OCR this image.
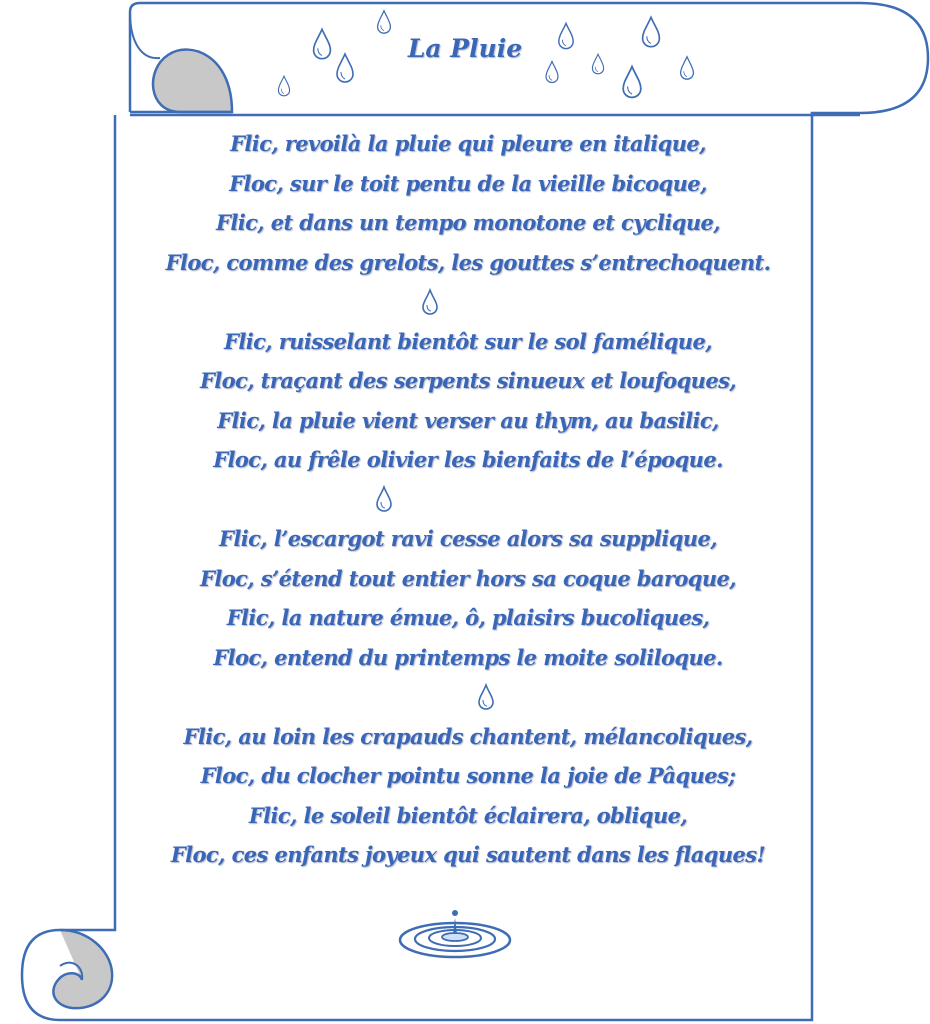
La Pluie
Flic, revoilà la pluie qui pleure en italique,
Floc, sur le toit pentu de la vieille bicoque,
Flic, et dans un tempo monotone et cyclique,
Floc, comme des grelots, les gouttes s’entrechoquent.
Flic, ruisselant bientôt sur le sol famélique,
Floc, traçant des serpents sinueux et loufoques,
Flic, la pluie vient verser au thym, au basilic,
Floc, au frêle olivier les bienfaits de l’époque.
Flic, l’escargot ravi cesse alors sa supplique,
Floc, s’étend tout entier hors sa coque baroque,
Flic, la nature émue, ô, plaisirs bucoliques,
Floc, entend du printemps le moite soliloque.
Flic, au loin les crapauds chantent, mélancoliques,
Floc, du clocher pointu sonne la joie de Pâques;
Flic, le soleil bientôt éclairera, oblique,
Floc, ces enfants joyeux qui sautent dans les flaques!
